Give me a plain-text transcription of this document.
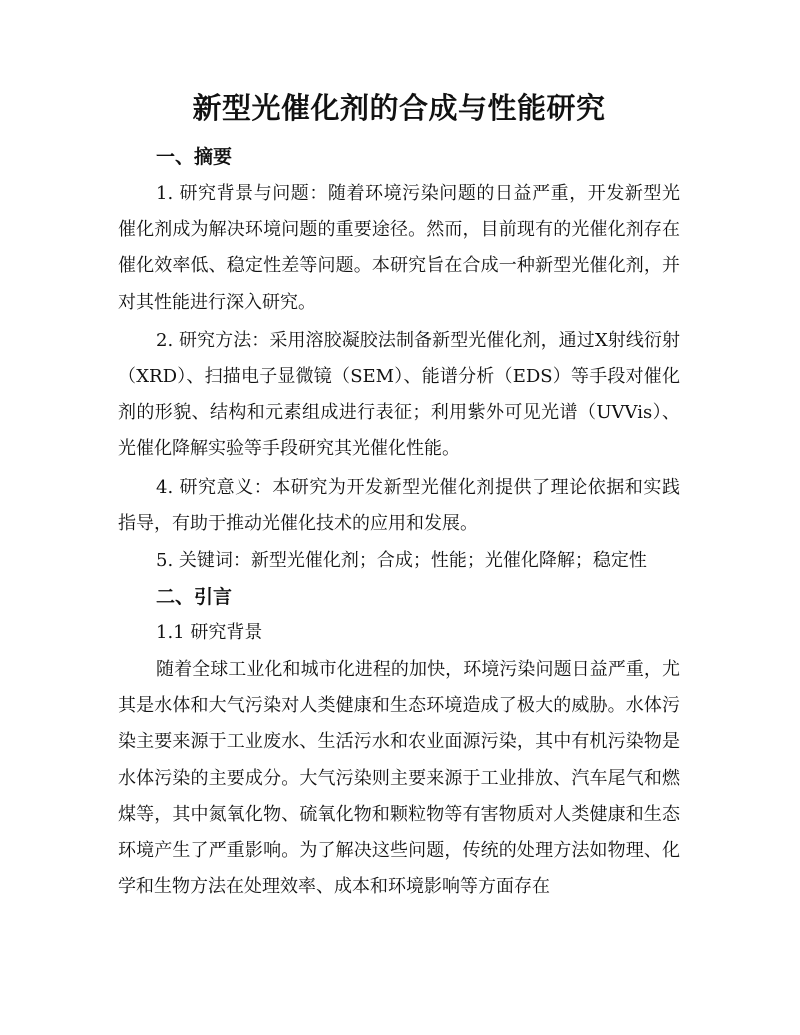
新型光催化剂的合成与性能研究
一、摘要

1. 研究背景与问题：随着环境污染问题的日益严重，开发新型光催化剂成为解决环境问题的重要途径。然而，目前现有的光催化剂存在催化效率低、稳定性差等问题。本研究旨在合成一种新型光催化剂，并对其性能进行深入研究。

2. 研究方法：采用溶胶凝胶法制备新型光催化剂，通过X射线衍射（XRD）、扫描电子显微镜（SEM）、能谱分析（EDS）等手段对催化剂的形貌、结构和元素组成进行表征；利用紫外可见光谱（UVVis）、光催化降解实验等手段研究其光催化性能。

4. 研究意义：本研究为开发新型光催化剂提供了理论依据和实践指导，有助于推动光催化技术的应用和发展。

5. 关键词：新型光催化剂；合成；性能；光催化降解；稳定性
二、引言
1.1 研究背景

随着全球工业化和城市化进程的加快，环境污染问题日益严重，尤其是水体和大气污染对人类健康和生态环境造成了极大的威胁。水体污染主要来源于工业废水、生活污水和农业面源污染，其中有机污染物是水体污染的主要成分。大气污染则主要来源于工业排放、汽车尾气和燃煤等，其中氮氧化物、硫氧化物和颗粒物等有害物质对人类健康和生态环境产生了严重影响。为了解决这些问题，传统的处理方法如物理、化学和生物方法在处理效率、成本和环境影响等方面存在
